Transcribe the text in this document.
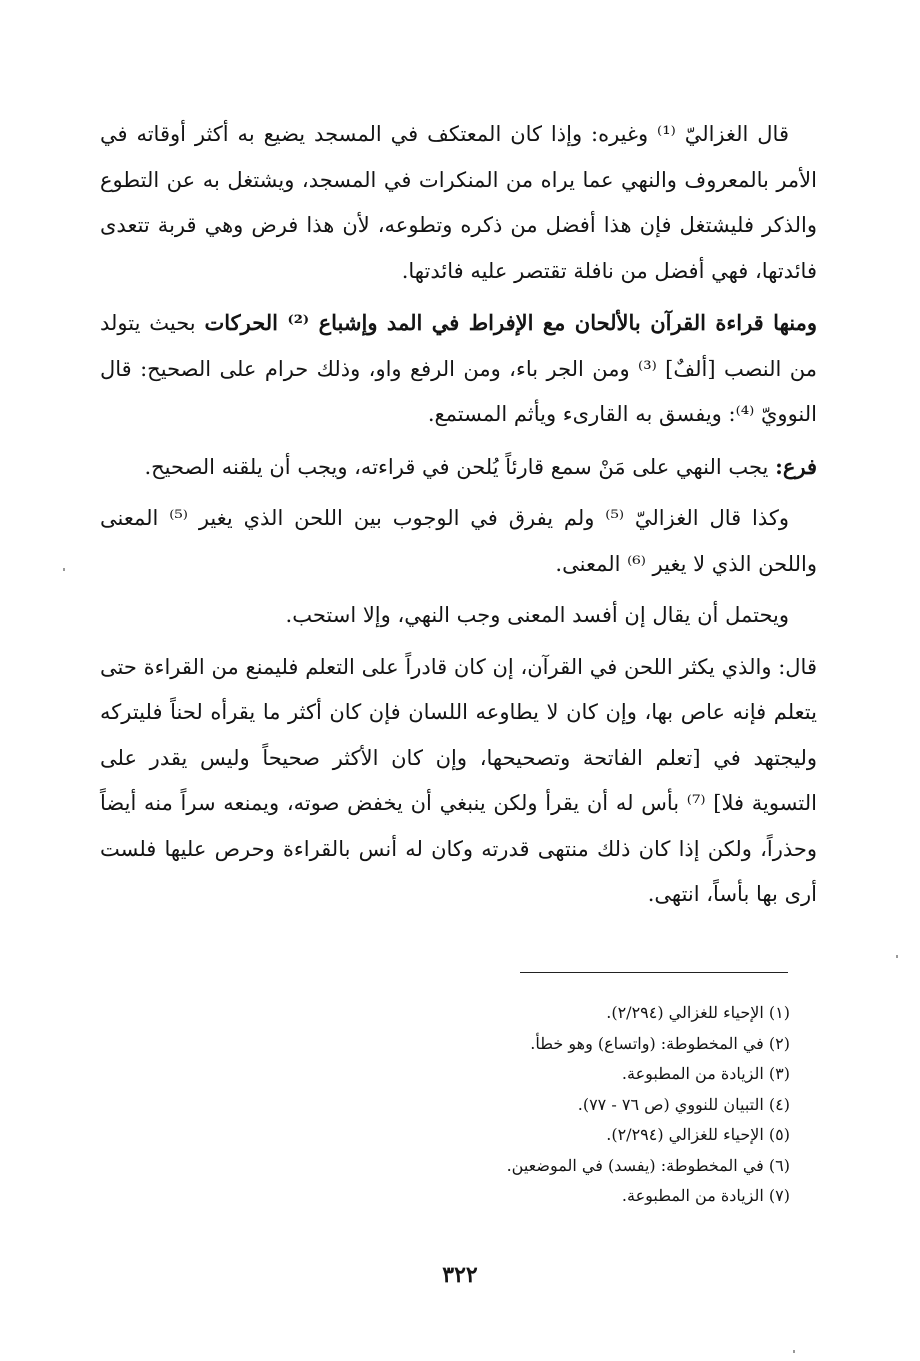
قال الغزاليّ ⁽¹⁾ وغيره: وإذا كان المعتكف في المسجد يضيع به أكثر أوقاته في الأمر بالمعروف والنهي عما يراه من المنكرات في المسجد، ويشتغل به عن التطوع والذكر فليشتغل فإن هذا أفضل من ذكره وتطوعه، لأن هذا فرض وهي قربة تتعدى فائدتها، فهي أفضل من نافلة تقتصر عليه فائدتها.

ومنها قراءة القرآن بالألحان مع الإفراط في المد وإشباع ⁽²⁾ الحركات بحيث يتولد من النصب [ألفٌ] ⁽³⁾ ومن الجر باء، ومن الرفع واو، وذلك حرام على الصحيح: قال النوويّ ⁽⁴⁾: ويفسق به القارىء ويأثم المستمع.

فرع: يجب النهي على مَنْ سمع قارئاً يُلحن في قراءته، ويجب أن يلقنه الصحيح.

وكذا قال الغزاليّ ⁽⁵⁾ ولم يفرق في الوجوب بين اللحن الذي يغير ⁽⁵⁾ المعنى واللحن الذي لا يغير ⁽⁶⁾ المعنى.

ويحتمل أن يقال إن أفسد المعنى وجب النهي، وإلا استحب.

قال: والذي يكثر اللحن في القرآن، إن كان قادراً على التعلم فليمنع من القراءة حتى يتعلم فإنه عاص بها، وإن كان لا يطاوعه اللسان فإن كان أكثر ما يقرأه لحناً فليتركه وليجتهد في [تعلم الفاتحة وتصحيحها، وإن كان الأكثر صحيحاً وليس يقدر على التسوية فلا] ⁽⁷⁾ بأس له أن يقرأ ولكن ينبغي أن يخفض صوته، ويمنعه سراً منه أيضاً وحذراً، ولكن إذا كان ذلك منتهى قدرته وكان له أنس بالقراءة وحرص عليها فلست أرى بها بأساً، انتهى.

(١) الإحياء للغزالي (٢/٢٩٤).
(٢) في المخطوطة: (واتساع) وهو خطأ.
(٣) الزيادة من المطبوعة.
(٤) التبيان للنووي (ص ٧٦ - ٧٧).
(٥) الإحياء للغزالي (٢/٢٩٤).
(٦) في المخطوطة: (يفسد) في الموضعين.
(٧) الزيادة من المطبوعة.
٣٢٢
